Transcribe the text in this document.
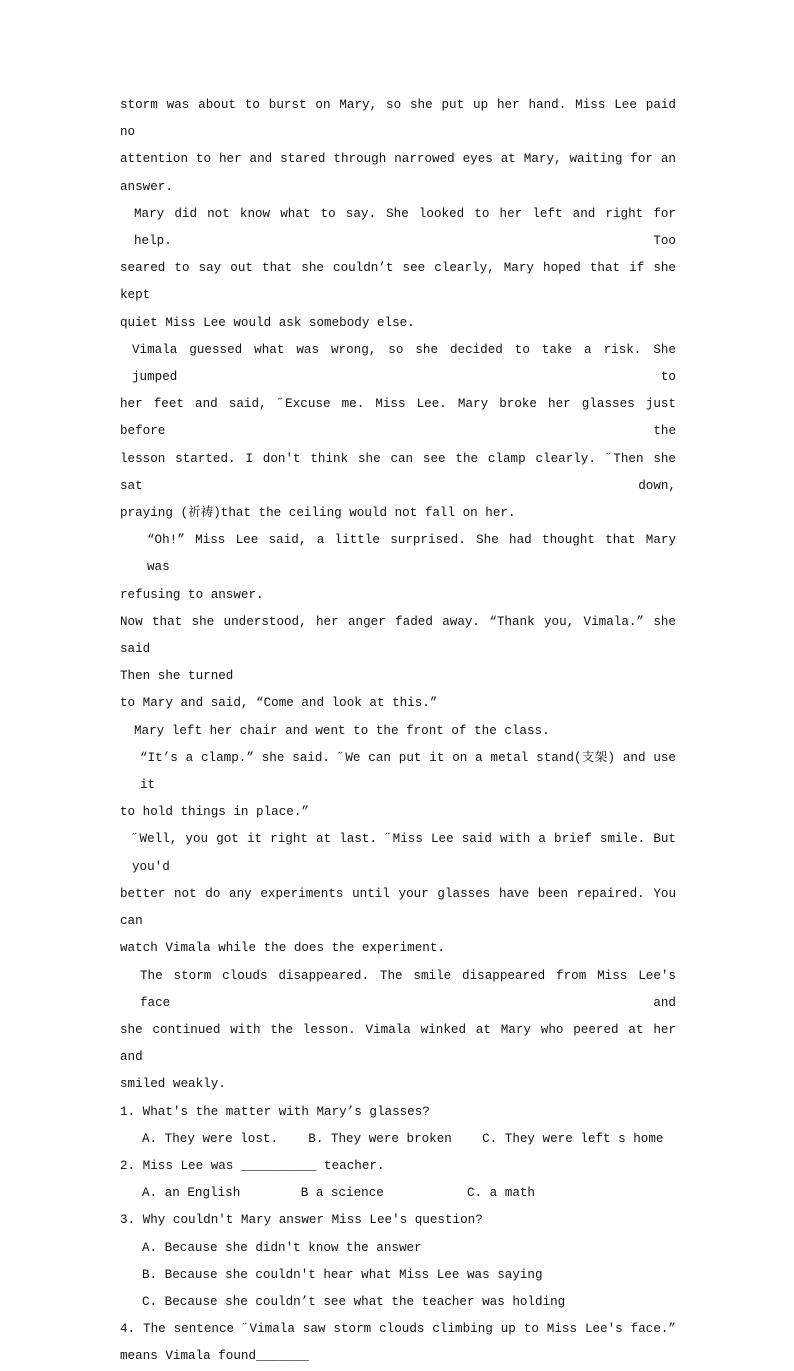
storm was about to burst on Mary, so she put up her hand. Miss Lee paid no

attention to her and stared through narrowed eyes at Mary, waiting for an

answer.

Mary did not know what to say. She looked to her left and right for help. Too

seared to say out that she couldn’t see clearly, Mary hoped that if she kept

quiet Miss Lee would ask somebody else.

Vimala guessed what was wrong, so she decided to take a risk. She jumped to

her feet and said, ˝Excuse me. Miss Lee. Mary broke her glasses just before the

lesson started. I don't think she can see the clamp clearly. ˝Then she sat down,

praying (祈祷)that the ceiling would not fall on her.

“Oh!” Miss Lee said, a little surprised. She had thought that Mary was

refusing to answer.

Now that she understood, her anger faded away. “Thank you, Vimala.” she said

Then she turned

to Mary and said, “Come and look at this.”

Mary left her chair and went to the front of the class.

“It’s a clamp.” she said. ˝We can put it on a metal stand(支架) and use it

to hold things in place.”

˝Well, you got it right at last. ˝Miss Lee said with a brief smile. But you'd

better not do any experiments until your glasses have been repaired. You can

watch Vimala while the does the experiment.

The storm clouds disappeared. The smile disappeared from Miss Lee's face and

she continued with the lesson. Vimala winked at Mary who peered at her and

smiled weakly.

1. What's the matter with Mary’s glasses?

A. They were lost.    B. They were broken    C. They were left s home

2. Miss Lee was __________ teacher.

A. an English        B a science           C. a math

3. Why couldn't Mary answer Miss Lee's question?

A. Because she didn't know the answer

B. Because she couldn't hear what Miss Lee was saying

C. Because she couldn’t see what the teacher was holding

4. The sentence ˝Vimala saw storm clouds climbing up to Miss Lee's face.”

means Vimala found_______
